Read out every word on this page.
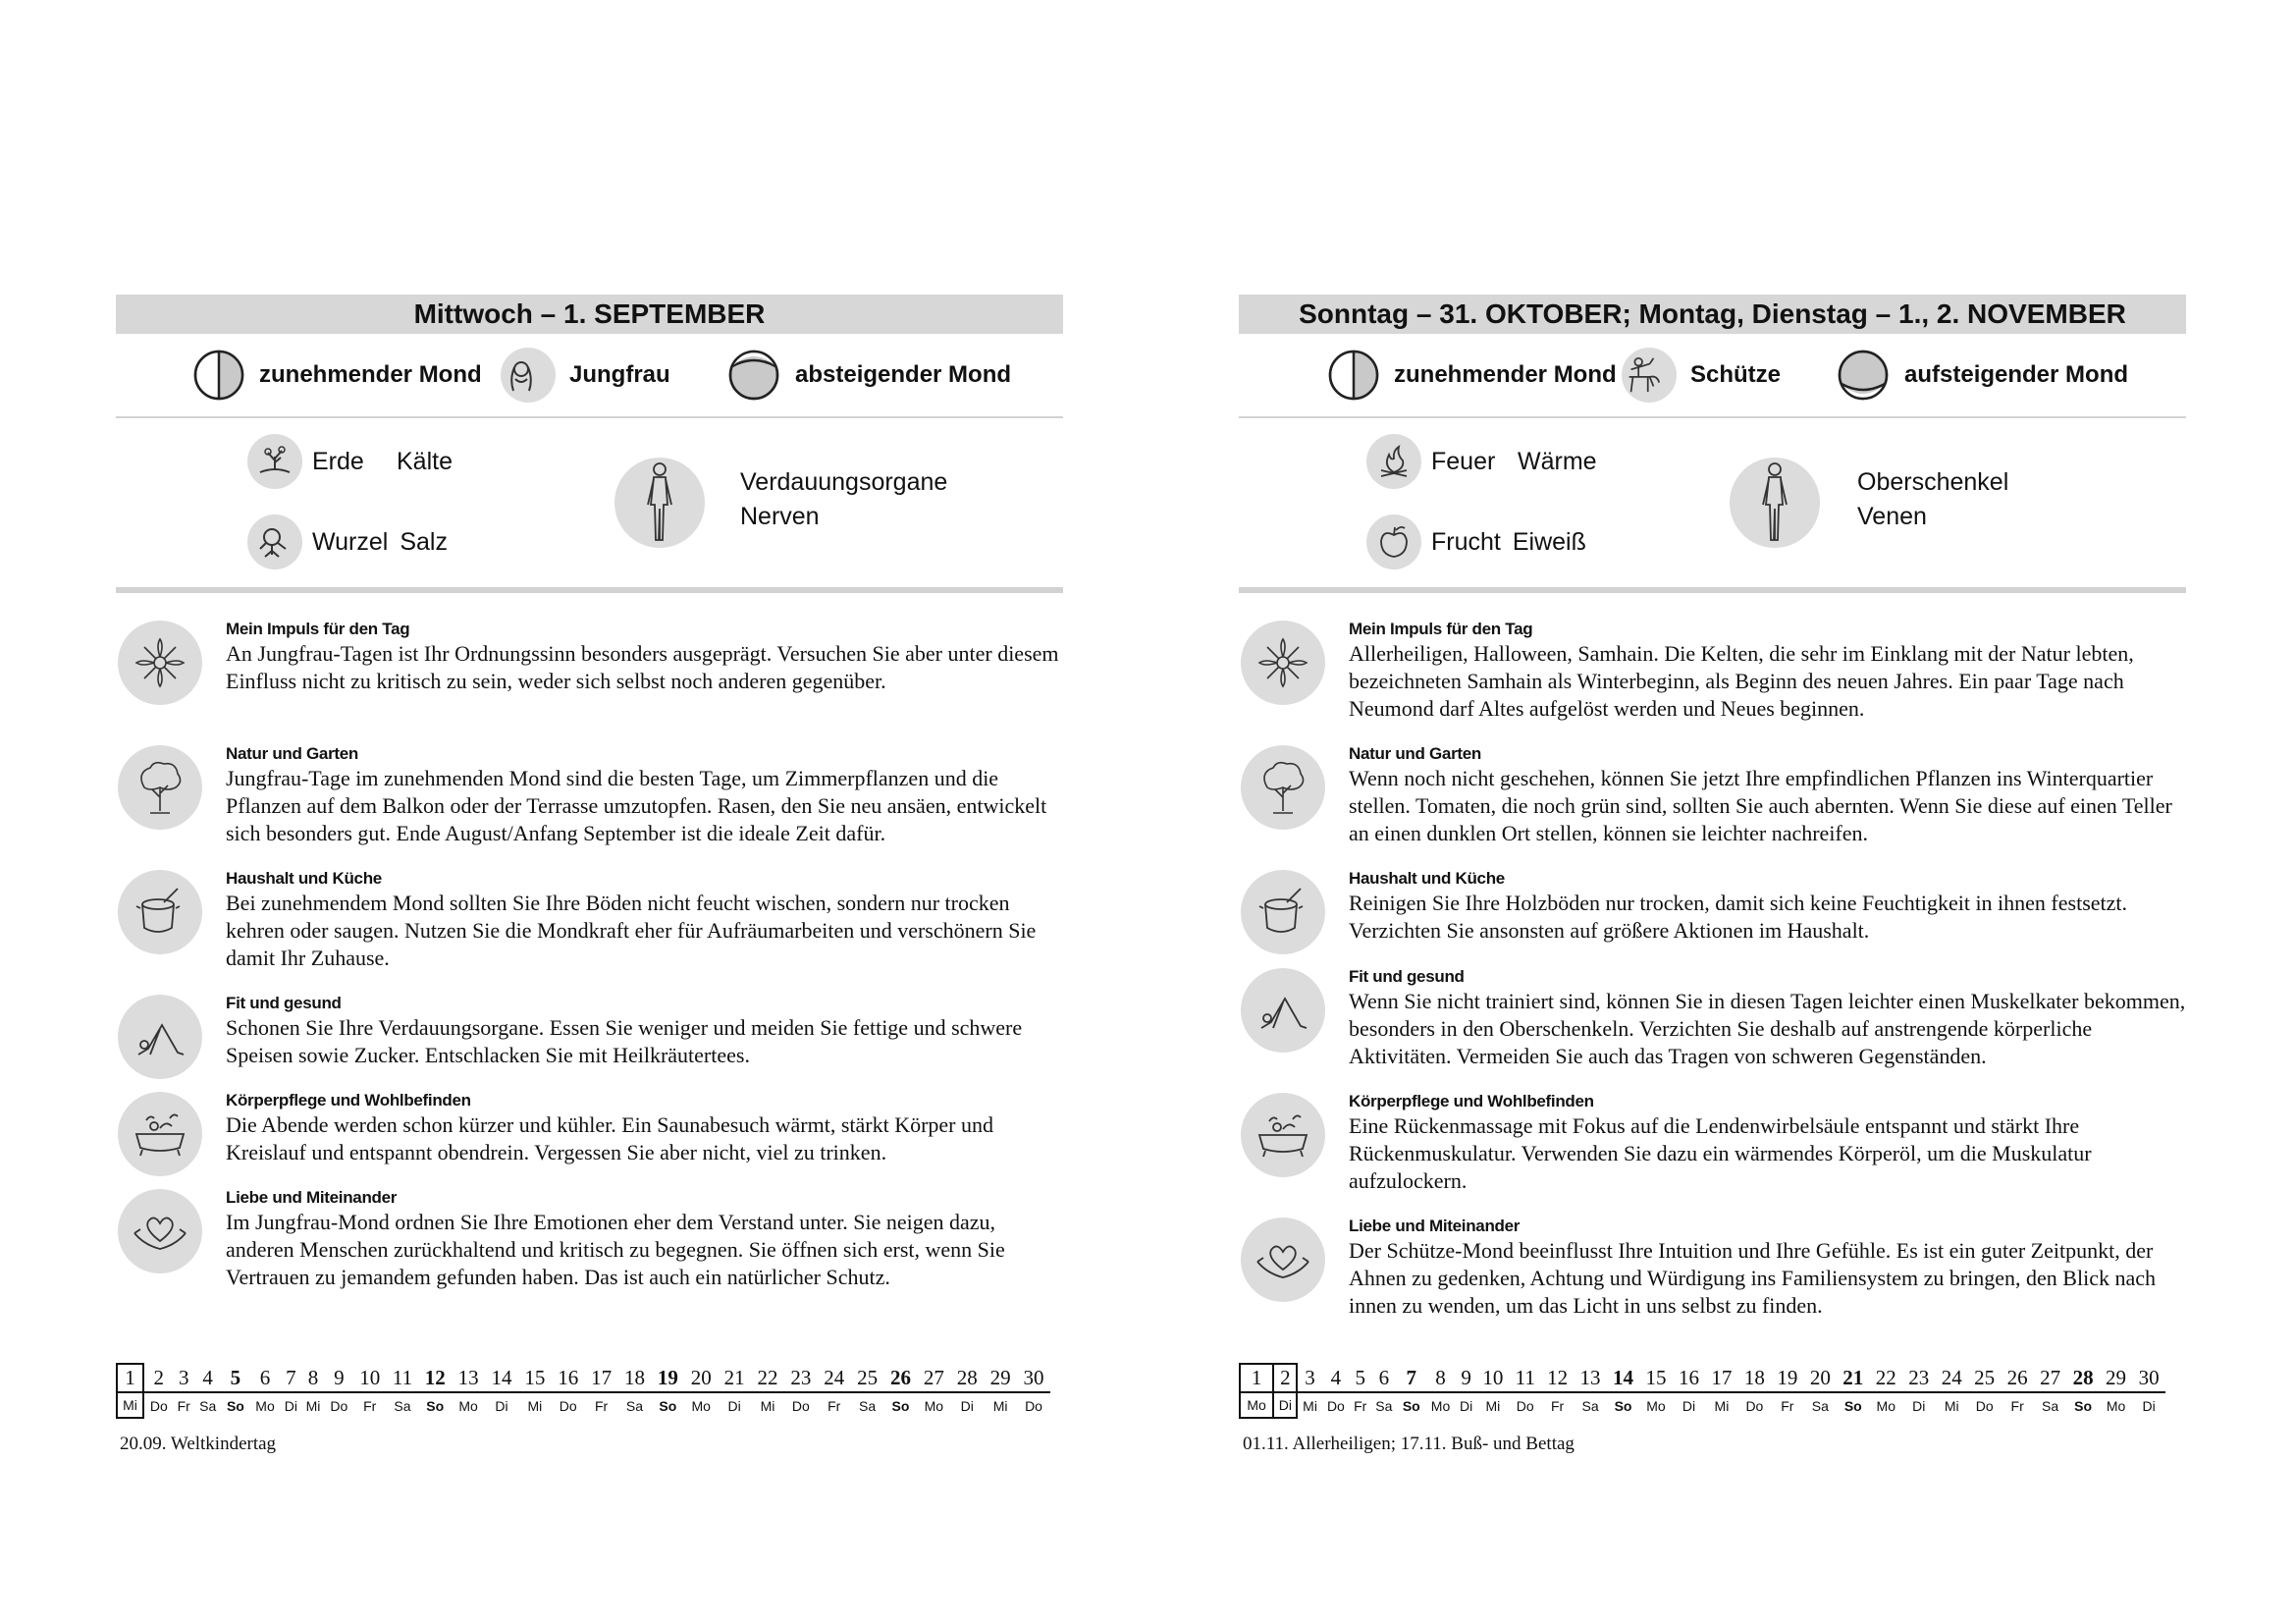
Mittwoch – 1. SEPTEMBER
zunehmender Mond	Jungfrau	absteigender Mond
Erde	Kälte
Wurzel Salz
Verdauungsorgane
Nerven
Mein Impuls für den Tag
An Jungfrau-Tagen ist Ihr Ordnungssinn besonders ausgeprägt. Versuchen Sie aber unter diesem Einfluss nicht zu kritisch zu sein, weder sich selbst noch anderen gegenüber.
Natur und Garten
Jungfrau-Tage im zunehmenden Mond sind die besten Tage, um Zimmerpflanzen und die Pflanzen auf dem Balkon oder der Terrasse umzutopfen. Rasen, den Sie neu ansäen, entwickelt sich besonders gut. Ende August/Anfang September ist die ideale Zeit dafür.
Haushalt und Küche
Bei zunehmendem Mond sollten Sie Ihre Böden nicht feucht wischen, sondern nur trocken kehren oder saugen. Nutzen Sie die Mondkraft eher für Aufräumarbeiten und verschönern Sie damit Ihr Zuhause.
Fit und gesund
Schonen Sie Ihre Verdauungsorgane. Essen Sie weniger und meiden Sie fettige und schwere Speisen sowie Zucker. Entschlacken Sie mit Heilkräutertees.
Körperpflege und Wohlbefinden
Die Abende werden schon kürzer und kühler. Ein Saunabesuch wärmt, stärkt Körper und Kreislauf und entspannt obendrein. Vergessen Sie aber nicht, viel zu trinken.
Liebe und Miteinander
Im Jungfrau-Mond ordnen Sie Ihre Emotionen eher dem Verstand unter. Sie neigen dazu, anderen Menschen zurückhaltend und kritisch zu begegnen. Sie öffnen sich erst, wenn Sie Vertrauen zu jemandem gefunden haben. Das ist auch ein natürlicher Schutz.
1	2	3	4	5	6	7	8	9	10	11	12	13	14	15	16	17	18	19	20	21	22	23	24	25	26	27	28	29	30
Mi	Do	Fr	Sa	So	Mo	Di	Mi	Do	Fr	Sa	So	Mo	Di	Mi	Do	Fr	Sa	So	Mo	Di	Mi	Do	Fr	Sa	So	Mo	Di	Mi	Do
20.09. Weltkindertag
Sonntag – 31. OKTOBER; Montag, Dienstag – 1., 2. NOVEMBER
zunehmender Mond	Schütze	aufsteigender Mond
Feuer Wärme
Frucht Eiweiß
Oberschenkel
Venen
Mein Impuls für den Tag
Allerheiligen, Halloween, Samhain. Die Kelten, die sehr im Einklang mit der Natur lebten, bezeichneten Samhain als Winterbeginn, als Beginn des neuen Jahres. Ein paar Tage nach Neumond darf Altes aufgelöst werden und Neues beginnen.
Natur und Garten
Wenn noch nicht geschehen, können Sie jetzt Ihre empfindlichen Pflanzen ins Winterquartier stellen. Tomaten, die noch grün sind, sollten Sie auch abernten. Wenn Sie diese auf einen Teller an einen dunklen Ort stellen, können sie leichter nachreifen.
Haushalt und Küche
Reinigen Sie Ihre Holzböden nur trocken, damit sich keine Feuchtigkeit in ihnen festsetzt. Verzichten Sie ansonsten auf größere Aktionen im Haushalt.
Fit und gesund
Wenn Sie nicht trainiert sind, können Sie in diesen Tagen leichter einen Muskelkater bekommen, besonders in den Oberschenkeln. Verzichten Sie deshalb auf anstrengende körperliche Aktivitäten. Vermeiden Sie auch das Tragen von schweren Gegenständen.
Körperpflege und Wohlbefinden
Eine Rückenmassage mit Fokus auf die Lendenwirbelsäule entspannt und stärkt Ihre Rückenmuskulatur. Verwenden Sie dazu ein wärmendes Körperöl, um die Muskulatur aufzulockern.
Liebe und Miteinander
Der Schütze-Mond beeinflusst Ihre Intuition und Ihre Gefühle. Es ist ein guter Zeitpunkt, der Ahnen zu gedenken, Achtung und Würdigung ins Familiensystem zu bringen, den Blick nach innen zu wenden, um das Licht in uns selbst zu finden.
1	2	3	4	5	6	7	8	9	10	11	12	13	14	15	16	17	18	19	20	21	22	23	24	25	26	27	28	29	30
Mo	Di	Mi	Do	Fr	Sa	So	Mo	Di	Mi	Do	Fr	Sa	So	Mo	Di	Mi	Do	Fr	Sa	So	Mo	Di	Mi	Do	Fr	Sa	So	Mo	Di
01.11. Allerheiligen; 17.11. Buß- und Bettag
